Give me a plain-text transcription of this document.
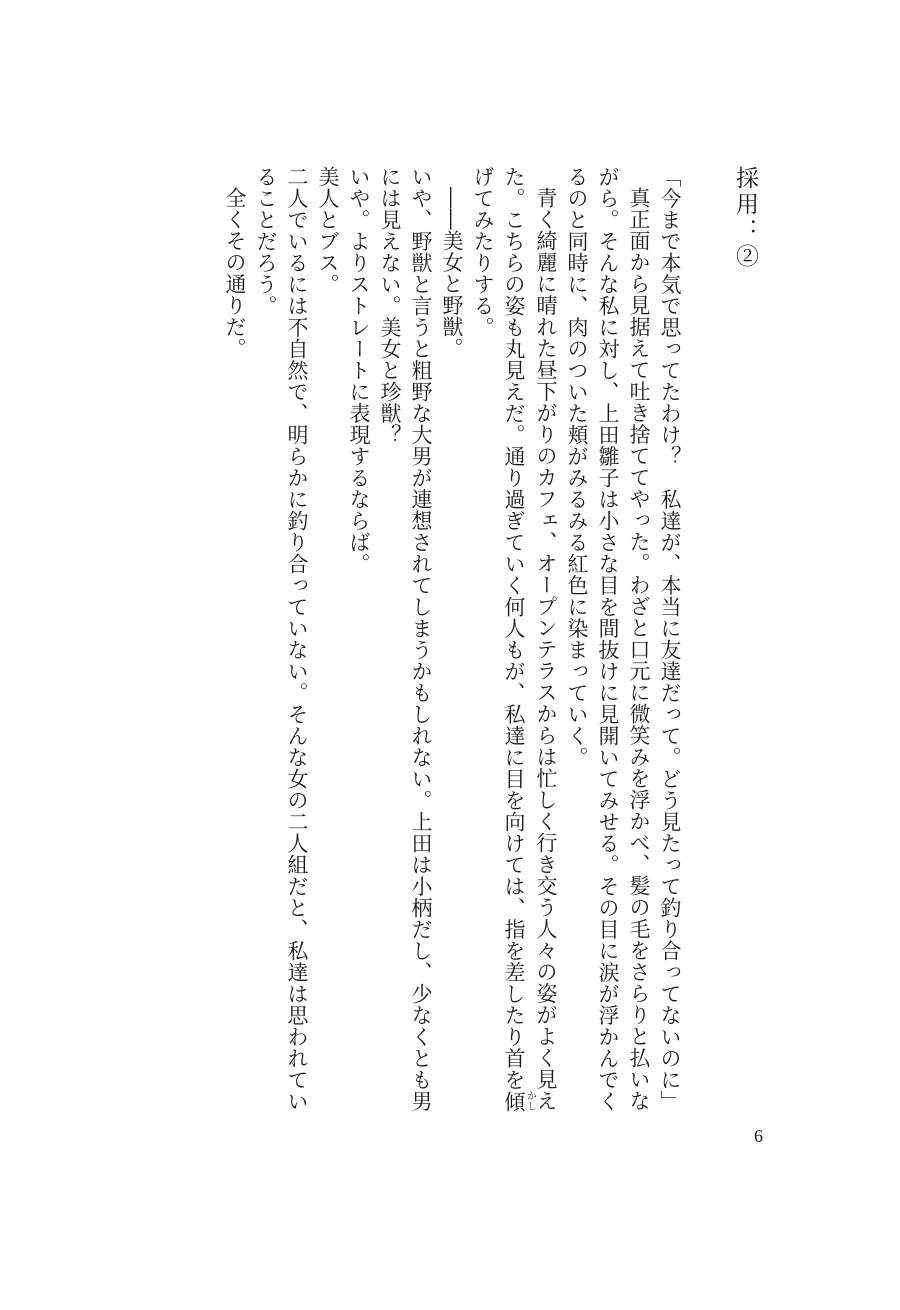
採用：②

「今まで本気で思ってたわけ？　私達が、本当に友達だって。どう見たって釣り合ってないのに」

真正面から見据えて吐き捨ててやった。わざと口元に微笑みを浮かべ、髪の毛をさらりと払いながら。そんな私に対し、上田雛子は小さな目を間抜けに見開いてみせる。その目に涙が浮かんでくるのと同時に、肉のついた頬がみるみる紅色に染まっていく。

青く綺麗に晴れた昼下がりのカフェ、オープンテラスからは忙しく行き交う人々の姿がよく見えた。こちらの姿も丸見えだ。通り過ぎていく何人もが、私達に目を向けては、指を差したり首を傾かしげてみたりする。

――美女と野獣。

いや、野獣と言うと粗野な大男が連想されてしまうかもしれない。上田は小柄だし、少なくとも男には見えない。美女と珍獣？

いや。よりストレートに表現するならば。

美人とブス。

二人でいるには不自然で、明らかに釣り合っていない。そんな女の二人組だと、私達は思われていることだろう。

全くその通りだ。

6
